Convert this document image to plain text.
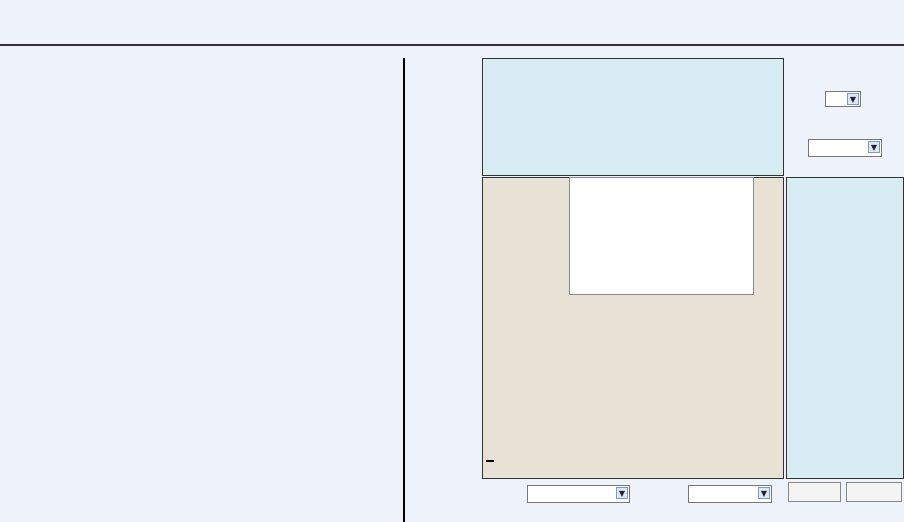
▼
▼
▼	▼
